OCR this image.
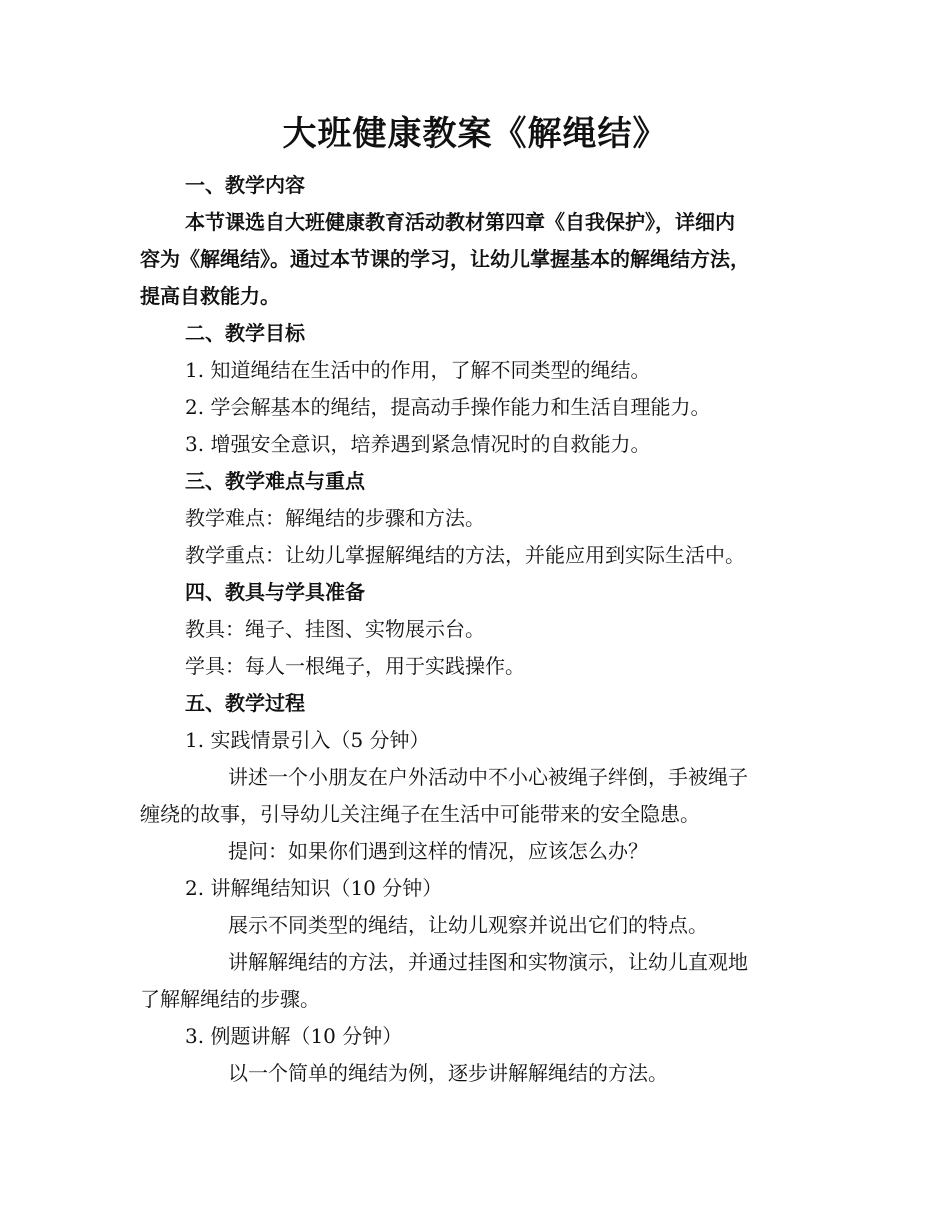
大班健康教案《解绳结》
一、教学内容
本节课选自大班健康教育活动教材第四章《自我保护》，详细内
容为《解绳结》。通过本节课的学习，让幼儿掌握基本的解绳结方法，
提高自救能力。
二、教学目标
1. 知道绳结在生活中的作用，了解不同类型的绳结。
2. 学会解基本的绳结，提高动手操作能力和生活自理能力。
3. 增强安全意识，培养遇到紧急情况时的自救能力。
三、教学难点与重点
教学难点：解绳结的步骤和方法。
教学重点：让幼儿掌握解绳结的方法，并能应用到实际生活中。
四、教具与学具准备
教具：绳子、挂图、实物展示台。
学具：每人一根绳子，用于实践操作。
五、教学过程
1. 实践情景引入（5 分钟）
讲述一个小朋友在户外活动中不小心被绳子绊倒，手被绳子
缠绕的故事，引导幼儿关注绳子在生活中可能带来的安全隐患。
提问：如果你们遇到这样的情况，应该怎么办？
2. 讲解绳结知识（10 分钟）
展示不同类型的绳结，让幼儿观察并说出它们的特点。
讲解解绳结的方法，并通过挂图和实物演示，让幼儿直观地
了解解绳结的步骤。
3. 例题讲解（10 分钟）
以一个简单的绳结为例，逐步讲解解绳结的方法。
